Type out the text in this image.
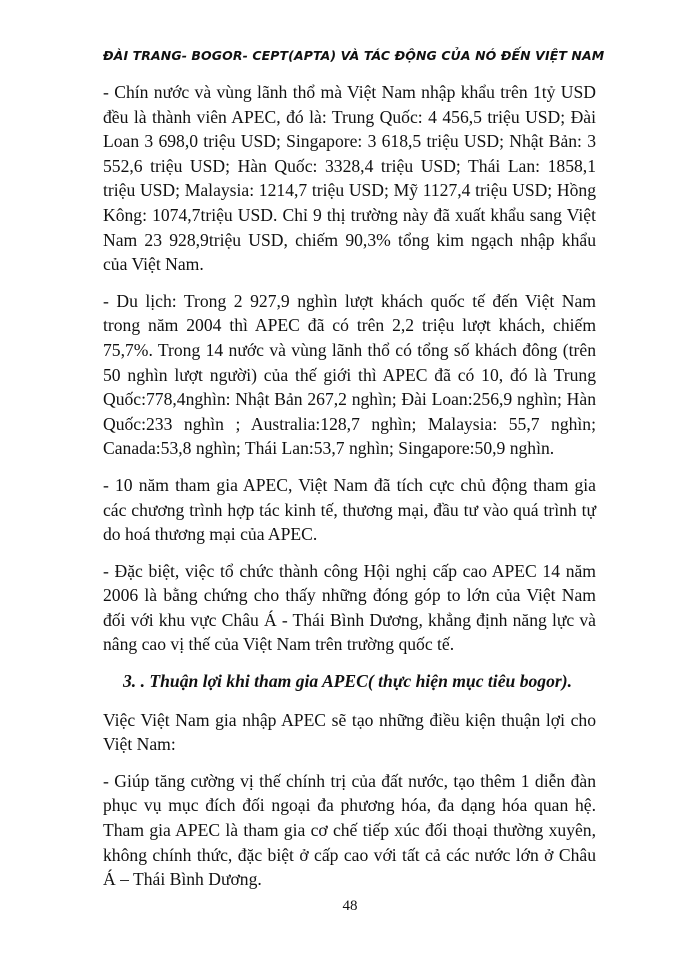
ĐÀI TRANG- BOGOR- CEPT(APTA) VÀ TÁC ĐỘNG CỦA NÓ ĐẾN VIỆT NAM

- Chín nước và vùng lãnh thổ mà Việt Nam nhập khẩu trên 1tỷ USD đều là thành viên APEC, đó là: Trung Quốc: 4 456,5 triệu USD; Đài Loan 3 698,0 triệu USD; Singapore: 3 618,5 triệu USD; Nhật Bản: 3 552,6 triệu USD; Hàn Quốc: 3328,4 triệu USD; Thái Lan: 1858,1 triệu USD; Malaysia: 1214,7 triệu USD; Mỹ 1127,4 triệu USD; Hồng Kông: 1074,7triệu USD. Chỉ 9 thị trường này đã xuất khẩu sang Việt Nam 23 928,9triệu USD, chiếm 90,3% tổng kim ngạch nhập khẩu của Việt Nam.

- Du lịch: Trong 2 927,9 nghìn lượt khách quốc tế đến Việt Nam trong năm 2004 thì APEC đã có trên 2,2 triệu lượt khách, chiếm 75,7%. Trong 14 nước và vùng lãnh thổ có tổng số khách đông (trên 50 nghìn lượt người) của thế giới thì APEC đã có 10, đó là Trung Quốc:778,4nghìn: Nhật Bản 267,2 nghìn; Đài Loan:256,9 nghìn; Hàn Quốc:233 nghìn ; Australia:128,7 nghìn; Malaysia: 55,7 nghìn; Canada:53,8 nghìn; Thái Lan:53,7 nghìn; Singapore:50,9 nghìn.

- 10 năm tham gia APEC, Việt Nam đã tích cực chủ động tham gia các chương trình hợp tác kinh tế, thương mại, đầu tư vào quá trình tự do hoá thương mại của APEC.

- Đặc biệt, việc tổ chức thành công Hội nghị cấp cao APEC 14 năm 2006 là bằng chứng cho thấy những đóng góp to lớn của Việt Nam đối với khu vực Châu Á - Thái Bình Dương, khẳng định năng lực và nâng cao vị thế của Việt Nam trên trường quốc tế.

3. . Thuận lợi khi tham gia APEC( thực hiện mục tiêu bogor).

Việc Việt Nam gia nhập APEC sẽ tạo những điều kiện thuận lợi cho Việt Nam:

- Giúp tăng cường vị thế chính trị của đất nước, tạo thêm 1 diễn đàn phục vụ mục đích đối ngoại đa phương hóa, đa dạng hóa quan hệ. Tham gia APEC là tham gia cơ chế tiếp xúc đối thoại thường xuyên, không chính thức, đặc biệt ở cấp cao với tất cả các nước lớn ở Châu Á – Thái Bình Dương.

48
